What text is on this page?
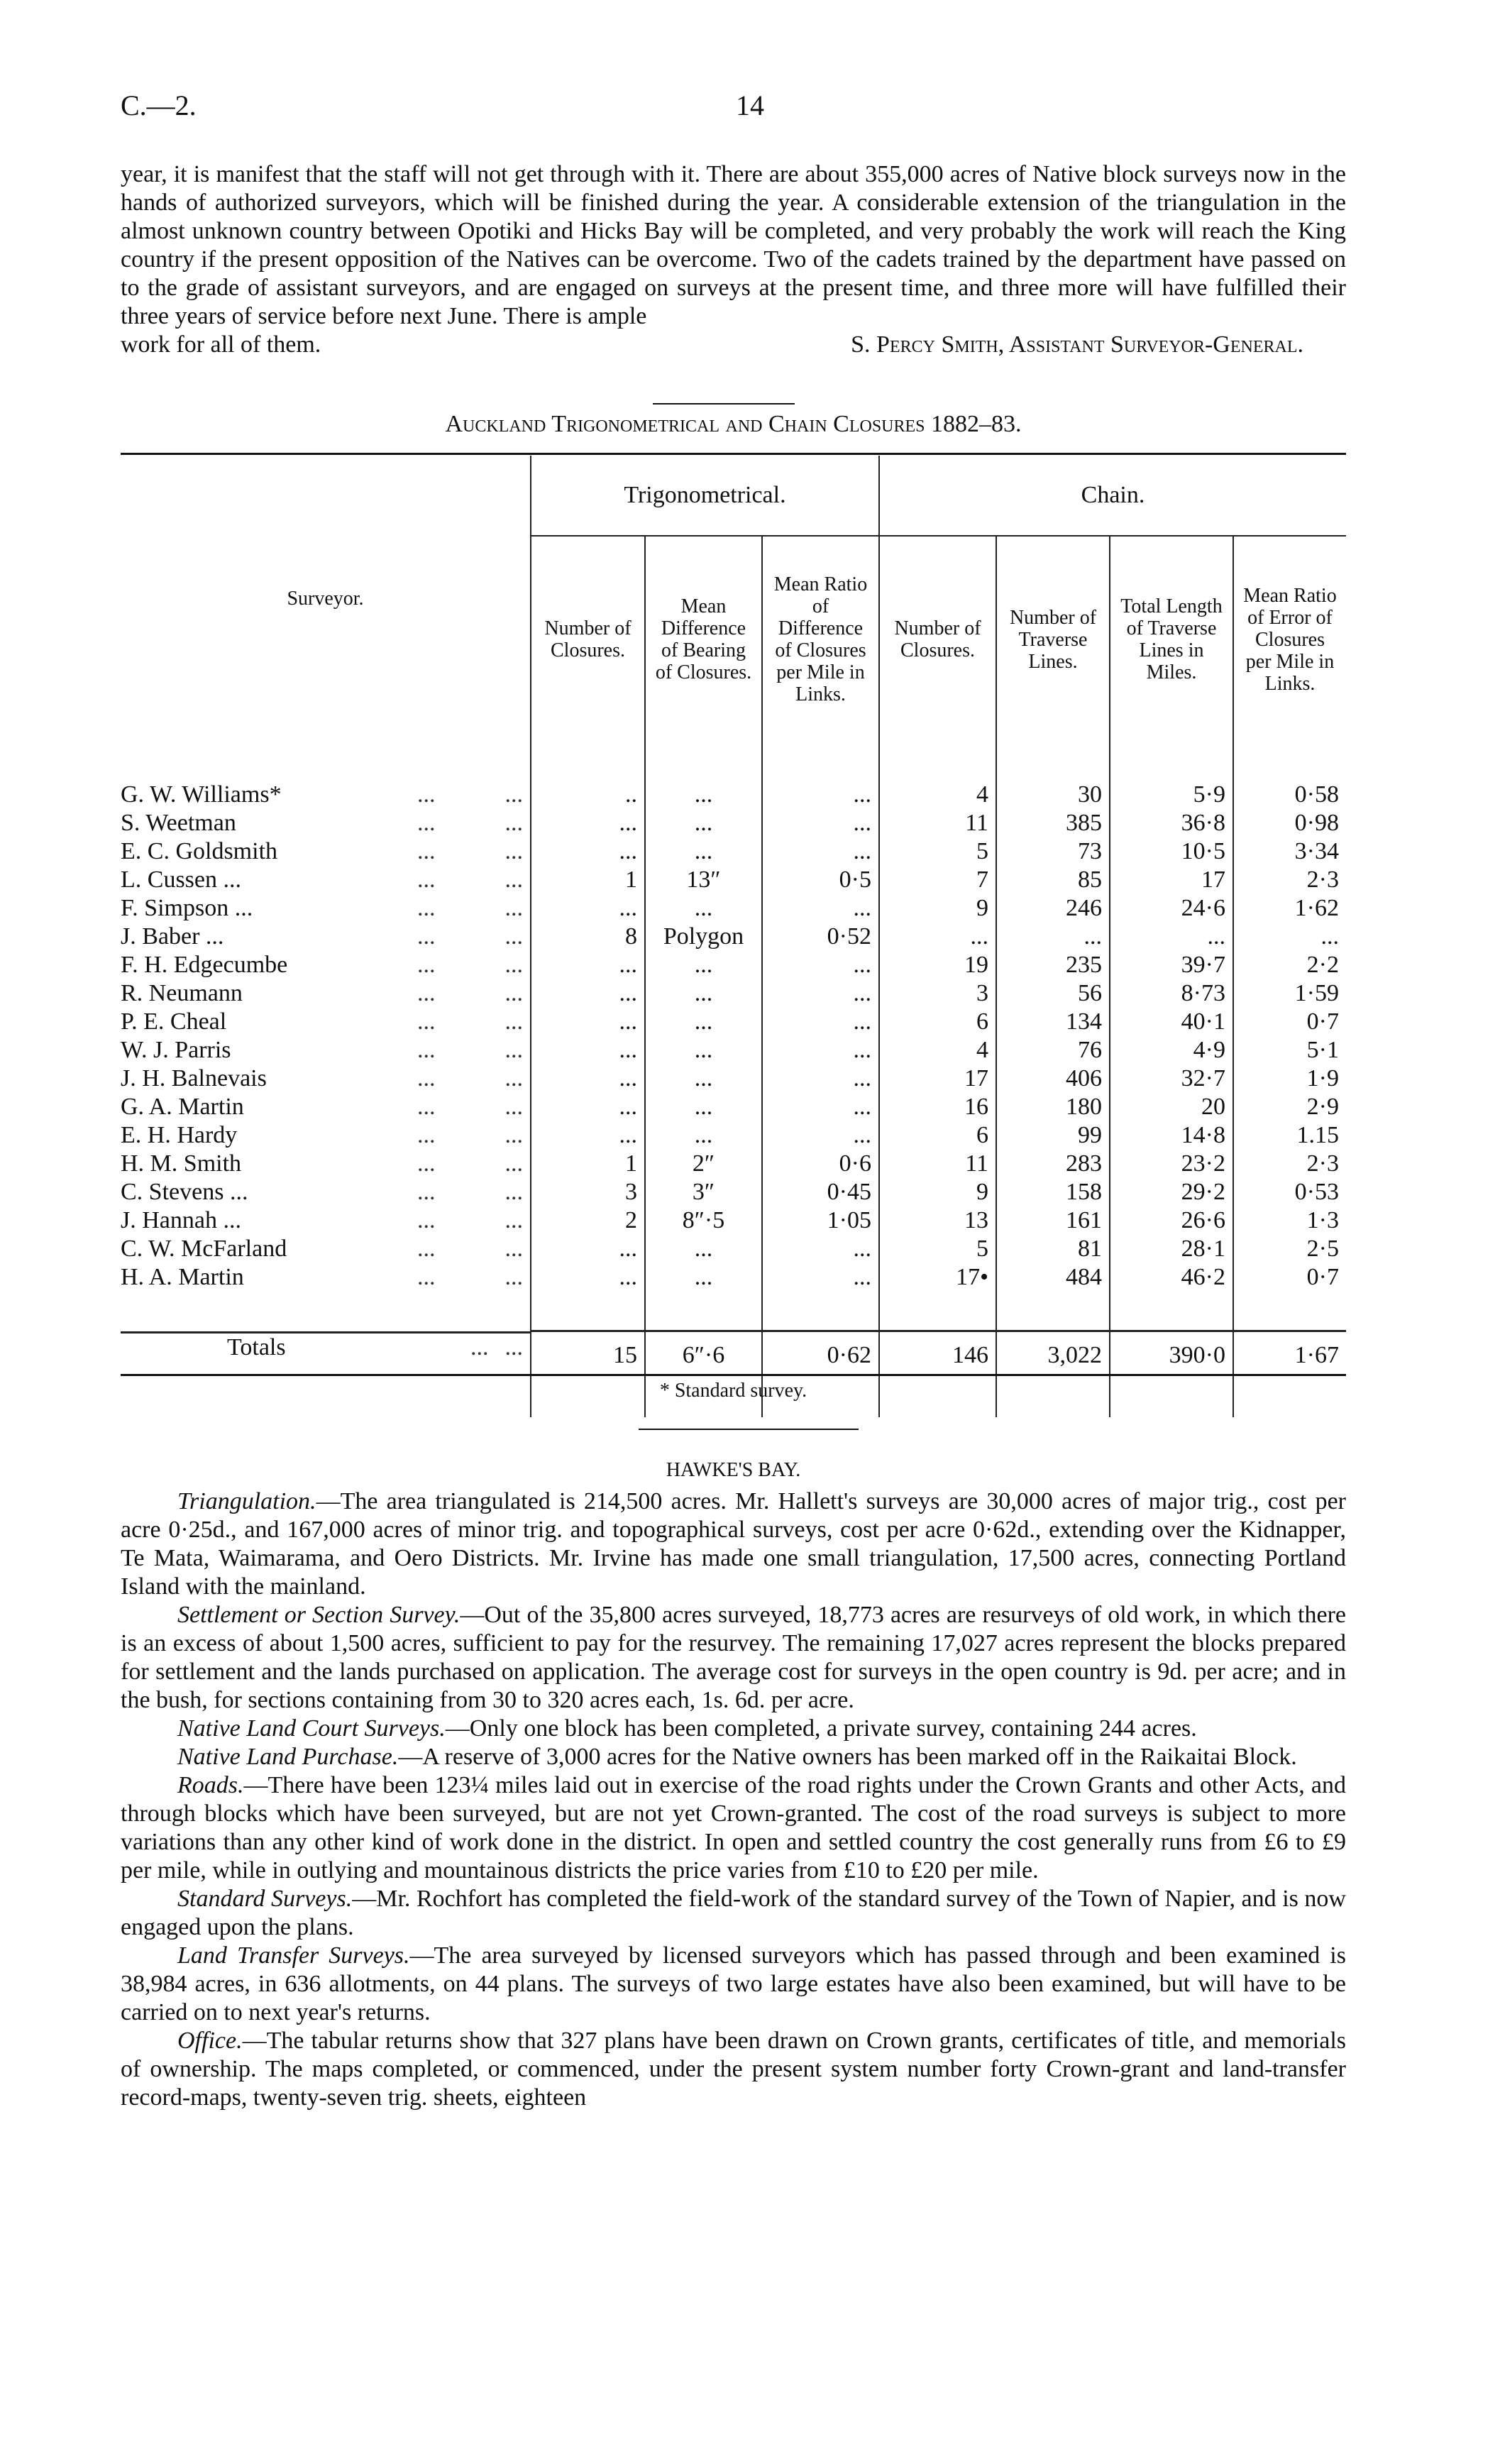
C.—2.	14

year, it is manifest that the staff will not get through with it. There are about 355,000 acres of Native block surveys now in the hands of authorized surveyors, which will be finished during the year. A considerable extension of the triangulation in the almost unknown country between Opotiki and Hicks Bay will be completed, and very probably the work will reach the King country if the present opposition of the Natives can be overcome. Two of the cadets trained by the department have passed on to the grade of assistant surveyors, and are engaged on surveys at the present time, and three more will have fulfilled their three years of service before next June. There is ample

work for all of them.	S. Percy Smith, Assistant Surveyor-General.
Auckland Trigonometrical and Chain Closures 1882–83.
Surveyor.	Trigonometrical.			Chain.			
	Number of Closures.	Mean Difference of Bearing of Closures.	Mean Ratio of Difference of Closures per Mile in Links.	Number of Closures.	Number of Traverse Lines.	Total Length of Traverse Lines in Miles.	Mean Ratio of Error of Closures per Mile in Links.

G. W. Williams*	...	...	..	...	...	4	30	5·9	0·58

S. Weetman	...	...	...	...	...	11	385	36·8	0·98

E. C. Goldsmith	...	...	...	...	...	5	73	10·5	3·34

L. Cussen ...	...	...	1	13″	0·5	7	85	17	2·3

F. Simpson ...	...	...	...	...	...	9	246	24·6	1·62

J. Baber ...	...	...	8	Polygon	0·52	...	...	...	...

F. H. Edgecumbe	...	...	...	...	...	19	235	39·7	2·2

R. Neumann	...	...	...	...	...	3	56	8·73	1·59

P. E. Cheal	...	...	...	...	...	6	134	40·1	0·7

W. J. Parris	...	...	...	...	...	4	76	4·9	5·1

J. H. Balnevais	...	...	...	...	...	17	406	32·7	1·9

G. A. Martin	...	...	...	...	...	16	180	20	2·9

E. H. Hardy	...	...	...	...	...	6	99	14·8	1.15

H. M. Smith	...	...	1	2″	0·6	11	283	23·2	2·3

C. Stevens ...	...	...	3	3″	0·45	9	158	29·2	0·53

J. Hannah ...	...	...	2	8″·5	1·05	13	161	26·6	1·3

C. W. McFarland	...	...	...	...	...	5	81	28·1	2·5

H. A. Martin	...	...	...	...	...	17•	484	46·2	0·7

Totals	... ...	15	6″·6	0·62	146	3,022	390·0	1·67

* Standard survey.
HAWKE'S BAY.

Triangulation.—The area triangulated is 214,500 acres. Mr. Hallett's surveys are 30,000 acres of major trig., cost per acre 0·25d., and 167,000 acres of minor trig. and topographical surveys, cost per acre 0·62d., extending over the Kidnapper, Te Mata, Waimarama, and Oero Districts. Mr. Irvine has made one small triangulation, 17,500 acres, connecting Portland Island with the mainland.

Settlement or Section Survey.—Out of the 35,800 acres surveyed, 18,773 acres are resurveys of old work, in which there is an excess of about 1,500 acres, sufficient to pay for the resurvey. The remaining 17,027 acres represent the blocks prepared for settlement and the lands purchased on application. The average cost for surveys in the open country is 9d. per acre; and in the bush, for sections containing from 30 to 320 acres each, 1s. 6d. per acre.

Native Land Court Surveys.—Only one block has been completed, a private survey, containing 244 acres.

Native Land Purchase.—A reserve of 3,000 acres for the Native owners has been marked off in the Raikaitai Block.

Roads.—There have been 123¼ miles laid out in exercise of the road rights under the Crown Grants and other Acts, and through blocks which have been surveyed, but are not yet Crown-granted. The cost of the road surveys is subject to more variations than any other kind of work done in the district. In open and settled country the cost generally runs from £6 to £9 per mile, while in outlying and mountainous districts the price varies from £10 to £20 per mile.

Standard Surveys.—Mr. Rochfort has completed the field-work of the standard survey of the Town of Napier, and is now engaged upon the plans.

Land Transfer Surveys.—The area surveyed by licensed surveyors which has passed through and been examined is 38,984 acres, in 636 allotments, on 44 plans. The surveys of two large estates have also been examined, but will have to be carried on to next year's returns.

Office.—The tabular returns show that 327 plans have been drawn on Crown grants, certificates of title, and memorials of ownership. The maps completed, or commenced, under the present system number forty Crown-grant and land-transfer record-maps, twenty-seven trig. sheets, eighteen
